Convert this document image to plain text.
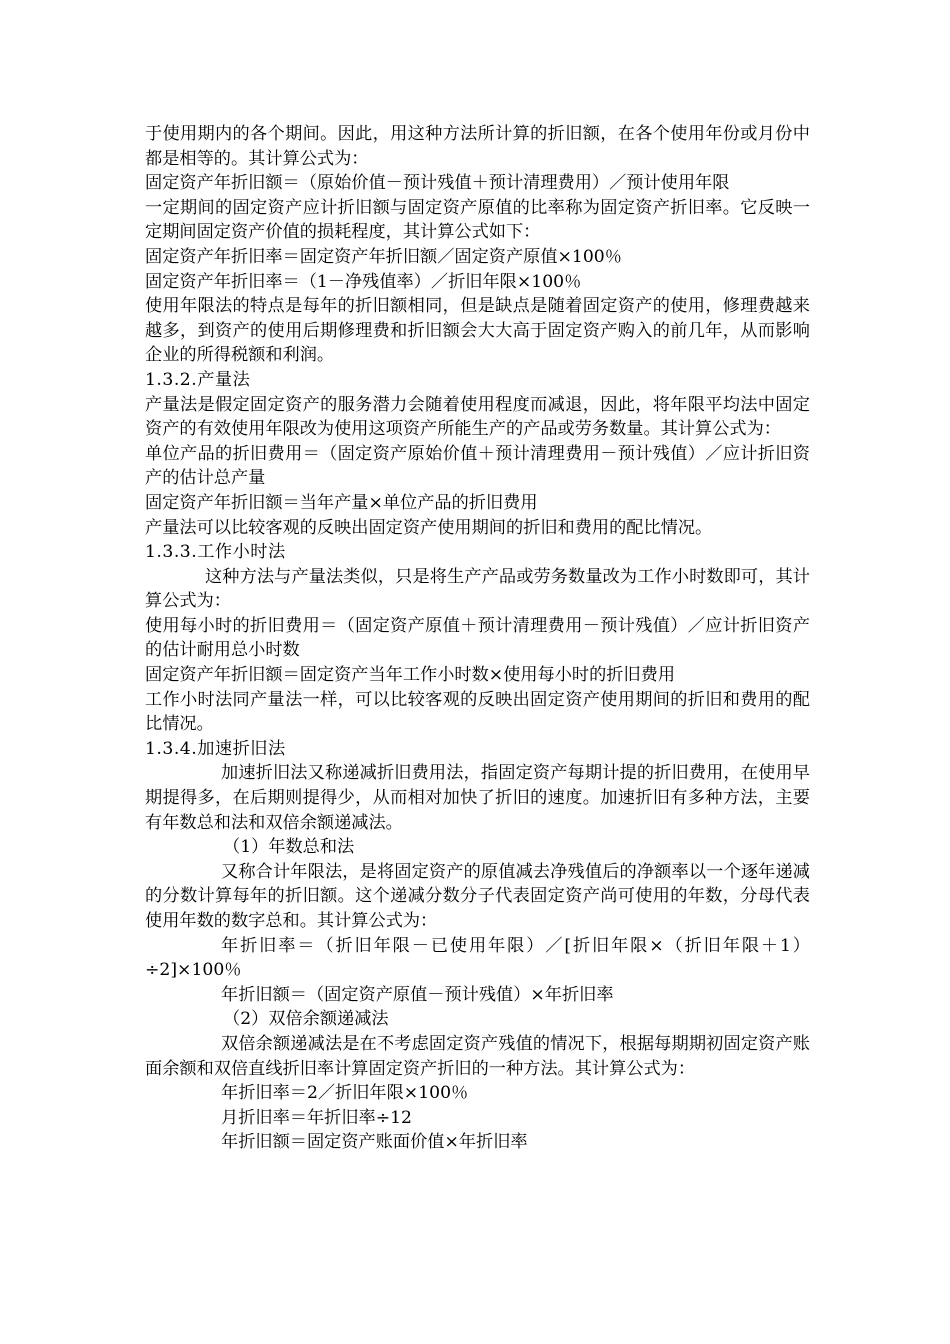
于使用期内的各个期间。因此，用这种方法所计算的折旧额，在各个使用年份或月份中都是相等的。其计算公式为：

固定资产年折旧额＝（原始价值－预计残值＋预计清理费用）／预计使用年限

一定期间的固定资产应计折旧额与固定资产原值的比率称为固定资产折旧率。它反映一定期间固定资产价值的损耗程度，其计算公式如下：

固定资产年折旧率＝固定资产年折旧额／固定资产原值×100％

固定资产年折旧率＝（1－净残值率）／折旧年限×100％

使用年限法的特点是每年的折旧额相同，但是缺点是随着固定资产的使用，修理费越来越多，到资产的使用后期修理费和折旧额会大大高于固定资产购入的前几年，从而影响企业的所得税额和利润。

1.3.2.产量法

产量法是假定固定资产的服务潜力会随着使用程度而减退，因此，将年限平均法中固定资产的有效使用年限改为使用这项资产所能生产的产品或劳务数量。其计算公式为：

单位产品的折旧费用＝（固定资产原始价值＋预计清理费用－预计残值）／应计折旧资产的估计总产量

固定资产年折旧额＝当年产量×单位产品的折旧费用

产量法可以比较客观的反映出固定资产使用期间的折旧和费用的配比情况。

1.3.3.工作小时法

这种方法与产量法类似，只是将生产产品或劳务数量改为工作小时数即可，其计算公式为：

使用每小时的折旧费用＝（固定资产原值＋预计清理费用－预计残值）／应计折旧资产的估计耐用总小时数

固定资产年折旧额＝固定资产当年工作小时数×使用每小时的折旧费用

工作小时法同产量法一样，可以比较客观的反映出固定资产使用期间的折旧和费用的配比情况。

1.3.4.加速折旧法

加速折旧法又称递减折旧费用法，指固定资产每期计提的折旧费用，在使用早期提得多，在后期则提得少，从而相对加快了折旧的速度。加速折旧有多种方法，主要有年数总和法和双倍余额递减法。

（1）年数总和法

又称合计年限法，是将固定资产的原值减去净残值后的净额率以一个逐年递减的分数计算每年的折旧额。这个递减分数分子代表固定资产尚可使用的年数，分母代表使用年数的数字总和。其计算公式为：

年折旧率＝（折旧年限－已使用年限）／[折旧年限×（折旧年限＋1）÷2]×100％

年折旧额＝（固定资产原值－预计残值）×年折旧率

（2）双倍余额递减法

双倍余额递减法是在不考虑固定资产残值的情况下，根据每期期初固定资产账面余额和双倍直线折旧率计算固定资产折旧的一种方法。其计算公式为：

年折旧率＝2／折旧年限×100％

月折旧率＝年折旧率÷12

年折旧额＝固定资产账面价值×年折旧率
